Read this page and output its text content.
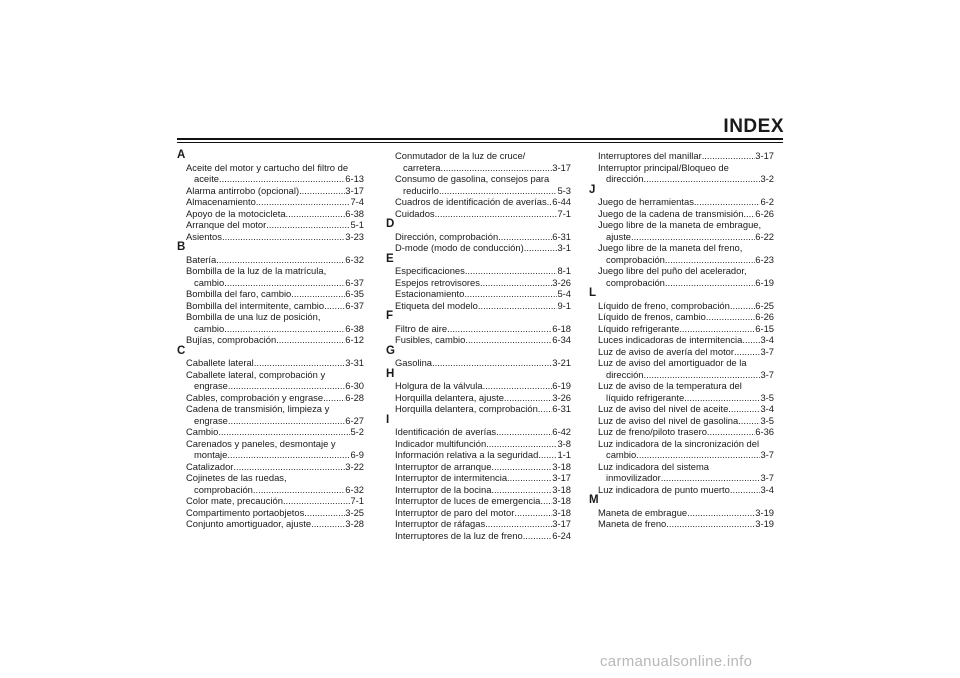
INDEX
A
Aceite del motor y cartucho del filtro de
aceite .....	6-13
Alarma antirrobo (opcional) .....	3-17
Almacenamiento .....	7-4
Apoyo de la motocicleta .....	6-38
Arranque del motor .....	5-1
Asientos .....	3-23
B
Batería .....	6-32
Bombilla de la luz de la matrícula,
cambio .....	6-37
Bombilla del faro, cambio .....	6-35
Bombilla del intermitente, cambio ..... 6-37
Bombilla de una luz de posición,
cambio .....	6-38
Bujías, comprobación .....	6-12
C
Caballete lateral .....	3-31
Caballete lateral, comprobación y
engrase .....	6-30
Cables, comprobación y engrase ..... 6-28
Cadena de transmisión, limpieza y
engrase .....	6-27
Cambio .....	5-2
Carenados y paneles, desmontaje y
montaje .....	6-9
Catalizador .....	3-22
Cojinetes de las ruedas,
comprobación .....	6-32
Color mate, precaución .....	7-1
Compartimento portaobjetos .....	3-25
Conjunto amortiguador, ajuste .....	3-28
Conmutador de la luz de cruce/
carretera .....	3-17
Consumo de gasolina, consejos para
reducirlo .....	5-3
Cuadros de identificación de averías ..... 6-44
Cuidados .....	7-1
D
Dirección, comprobación .....	6-31
D-mode (modo de conducción) .....	3-1
E
Especificaciones .....	8-1
Espejos retrovisores .....	3-26
Estacionamiento .....	5-4
Etiqueta del modelo .....	9-1
F
Filtro de aire .....	6-18
Fusibles, cambio .....	6-34
G
Gasolina .....	3-21
H
Holgura de la válvula .....	6-19
Horquilla delantera, ajuste .....	3-26
Horquilla delantera, comprobación ..... 6-31
I
Identificación de averías .....	6-42
Indicador multifunción .....	3-8
Información relativa a la seguridad ..... 1-1
Interruptor de arranque .....	3-18
Interruptor de intermitencia .....	3-17
Interruptor de la bocina .....	3-18
Interruptor de luces de emergencia ..... 3-18
Interruptor de paro del motor .....	3-18
Interruptor de ráfagas .....	3-17
Interruptores de la luz de freno .....	6-24
Interruptores del manillar .....	3-17
Interruptor principal/Bloqueo de
dirección .....	3-2
J
Juego de herramientas .....	6-2
Juego de la cadena de transmisión ..... 6-26
Juego libre de la maneta de embrague,
ajuste .....	6-22
Juego libre de la maneta del freno,
comprobación .....	6-23
Juego libre del puño del acelerador,
comprobación .....	6-19
L
Líquido de freno, comprobación .....	6-25
Líquido de frenos, cambio .....	6-26
Líquido refrigerante .....	6-15
Luces indicadoras de intermitencia ..... 3-4
Luz de aviso de avería del motor .....	3-7
Luz de aviso del amortiguador de la
dirección .....	3-7
Luz de aviso de la temperatura del
líquido refrigerante .....	3-5
Luz de aviso del nivel de aceite .....	3-4
Luz de aviso del nivel de gasolina ..... 3-5
Luz de freno/piloto trasero .....	6-36
Luz indicadora de la sincronización del
cambio .....	3-7
Luz indicadora del sistema
inmovilizador .....	3-7
Luz indicadora de punto muerto .....	3-4
M
Maneta de embrague .....	3-19
Maneta de freno .....	3-19
carmanualsonline.info
